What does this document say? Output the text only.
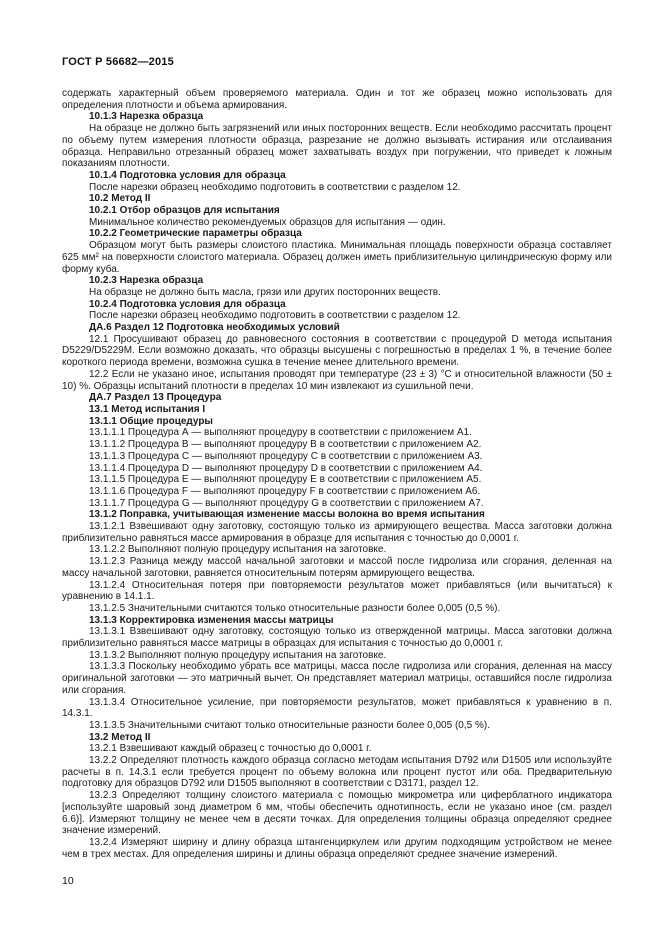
ГОСТ Р 56682—2015

содержать характерный объем проверяемого материала. Один и тот же образец можно использовать для определения плотности и объема армирования.

10.1.3 Нарезка образца

На образце не должно быть загрязнений или иных посторонних веществ. Если необходимо рассчитать процент по объему путем измерения плотности образца, разрезание не должно вызывать истирания или отслаивания образца. Неправильно отрезанный образец может захватывать воздух при погружении, что приведет к ложным показаниям плотности.

10.1.4 Подготовка условия для образца

После нарезки образец необходимо подготовить в соответствии с разделом 12.

10.2 Метод II

10.2.1 Отбор образцов для испытания

Минимальное количество рекомендуемых образцов для испытания — один.

10.2.2 Геометрические параметры образца

Образцом могут быть размеры слоистого пластика. Минимальная площадь поверхности образца составляет 625 мм² на поверхности слоистого материала. Образец должен иметь приблизительную цилиндрическую форму или форму куба.

10.2.3 Нарезка образца

На образце не должно быть масла, грязи или других посторонних веществ.

10.2.4 Подготовка условия для образца

После нарезки образец необходимо подготовить в соответствии с разделом 12.

ДА.6 Раздел 12 Подготовка необходимых условий

12.1 Просушивают образец до равновесного состояния в соответствии с процедурой D метода испытания D5229/D5229M. Если возможно доказать, что образцы высушены с погрешностью в пределах 1 %, в течение более короткого периода времени, возможна сушка в течение менее длительного времени.

12.2 Если не указано иное, испытания проводят при температуре (23 ± 3) °С и относительной влажности (50 ± 10) %. Образцы испытаний плотности в пределах 10 мин извлекают из сушильной печи.

ДА.7 Раздел 13 Процедура

13.1 Метод испытания I

13.1.1 Общие процедуры

13.1.1.1 Процедура А — выполняют процедуру в соответствии с приложением А1.

13.1.1.2 Процедура В — выполняют процедуру В в соответствии с приложением А2.

13.1.1.3 Процедура С — выполняют процедуру С в соответствии с приложением А3.

13.1.1.4 Процедура D — выполняют процедуру D в соответствии с приложением А4.

13.1.1.5 Процедура Е — выполняют процедуру Е в соответствии с приложением А5.

13.1.1.6 Процедура F — выполняют процедуру F в соответствии с приложением А6.

13.1.1.7 Процедура G — выполняют процедуру G в соответствии с приложением А7.

13.1.2 Поправка, учитывающая изменение массы волокна во время испытания

13.1.2.1 Взвешивают одну заготовку, состоящую только из армирующего вещества. Масса заготовки должна приблизительно равняться массе армирования в образце для испытания с точностью до 0,0001 г.

13.1.2.2 Выполняют полную процедуру испытания на заготовке.

13.1.2.3 Разница между массой начальной заготовки и массой после гидролиза или сгорания, деленная на массу начальной заготовки, равняется относительным потерям армирующего вещества.

13.1.2.4 Относительная потеря при повторяемости результатов может прибавляться (или вычитаться) к уравнению в 14.1.1.

13.1.2.5 Значительными считаются только относительные разности более 0,005 (0,5 %).

13.1.3 Корректировка изменения массы матрицы

13.1.3.1 Взвешивают одну заготовку, состоящую только из отвержденной матрицы. Масса заготовки должна приблизительно равняться массе матрицы в образцах для испытания с точностью до 0,0001 г.

13.1.3.2 Выполняют полную процедуру испытания на заготовке.

13.1.3.3 Поскольку необходимо убрать все матрицы, масса после гидролиза или сгорания, деленная на массу оригинальной заготовки — это матричный вычет. Он представляет материал матрицы, оставшийся после гидролиза или сгорания.

13.1.3.4 Относительное усиление, при повторяемости результатов, может прибавляться к уравнению в п. 14.3.1.

13.1.3.5 Значительными считают только относительные разности более 0,005 (0,5 %).

13.2 Метод II

13.2.1 Взвешивают каждый образец с точностью до 0,0001 г.

13.2.2 Определяют плотность каждого образца согласно методам испытания D792 или D1505 или используйте расчеты в п. 14.3.1 если требуется процент по объему волокна или процент пустот или оба. Предварительную подготовку для образцов D792 или D1505 выполняют в соответствии с D3171, раздел 12.

13.2.3 Определяют толщину слоистого материала с помощью микрометра или циферблатного индикатора [используйте шаровый зонд диаметром 6 мм, чтобы обеспечить однотипность, если не указано иное (см. раздел 6.6)]. Измеряют толщину не менее чем в десяти точках. Для определения толщины образца определяют среднее значение измерений.

13.2.4 Измеряют ширину и длину образца штангенциркулем или другим подходящим устройством не менее чем в трех местах. Для определения ширины и длины образца определяют среднее значение измерений.

10
